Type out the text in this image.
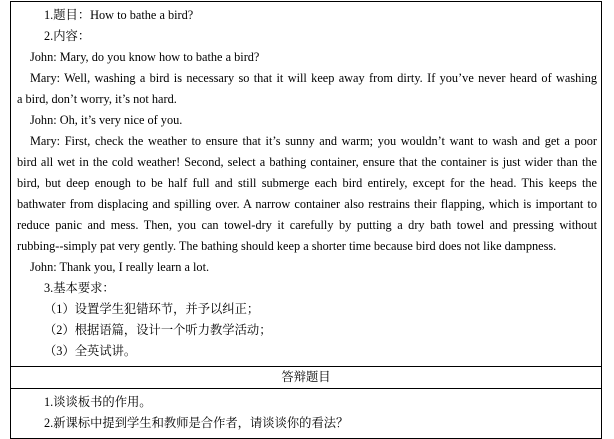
1.题目：How to bathe a bird?
2.内容：
John: Mary, do you know how to bathe a bird?
Mary: Well, washing a bird is necessary so that it will keep away from dirty. If you’ve never heard of washing
a bird, don’t worry, it’s not hard.
John: Oh, it’s very nice of you.
Mary: First, check the weather to ensure that it’s sunny and warm; you wouldn’t want to wash and get a poor
bird all wet in the cold weather! Second, select a bathing container, ensure that the container is just wider than the
bird, but deep enough to be half full and still submerge each bird entirely, except for the head. This keeps the
bathwater from displacing and spilling over. A narrow container also restrains their flapping, which is important to
reduce panic and mess. Then, you can towel-dry it carefully by putting a dry bath towel and pressing without
rubbing--simply pat very gently. The bathing should keep a shorter time because bird does not like dampness.
John: Thank you, I really learn a lot.
3.基本要求：
（1）设置学生犯错环节，并予以纠正；
（2）根据语篇，设计一个听力教学活动；
（3）全英试讲。

答辩题目

1.谈谈板书的作用。
2.新课标中提到学生和教师是合作者，请谈谈你的看法？
